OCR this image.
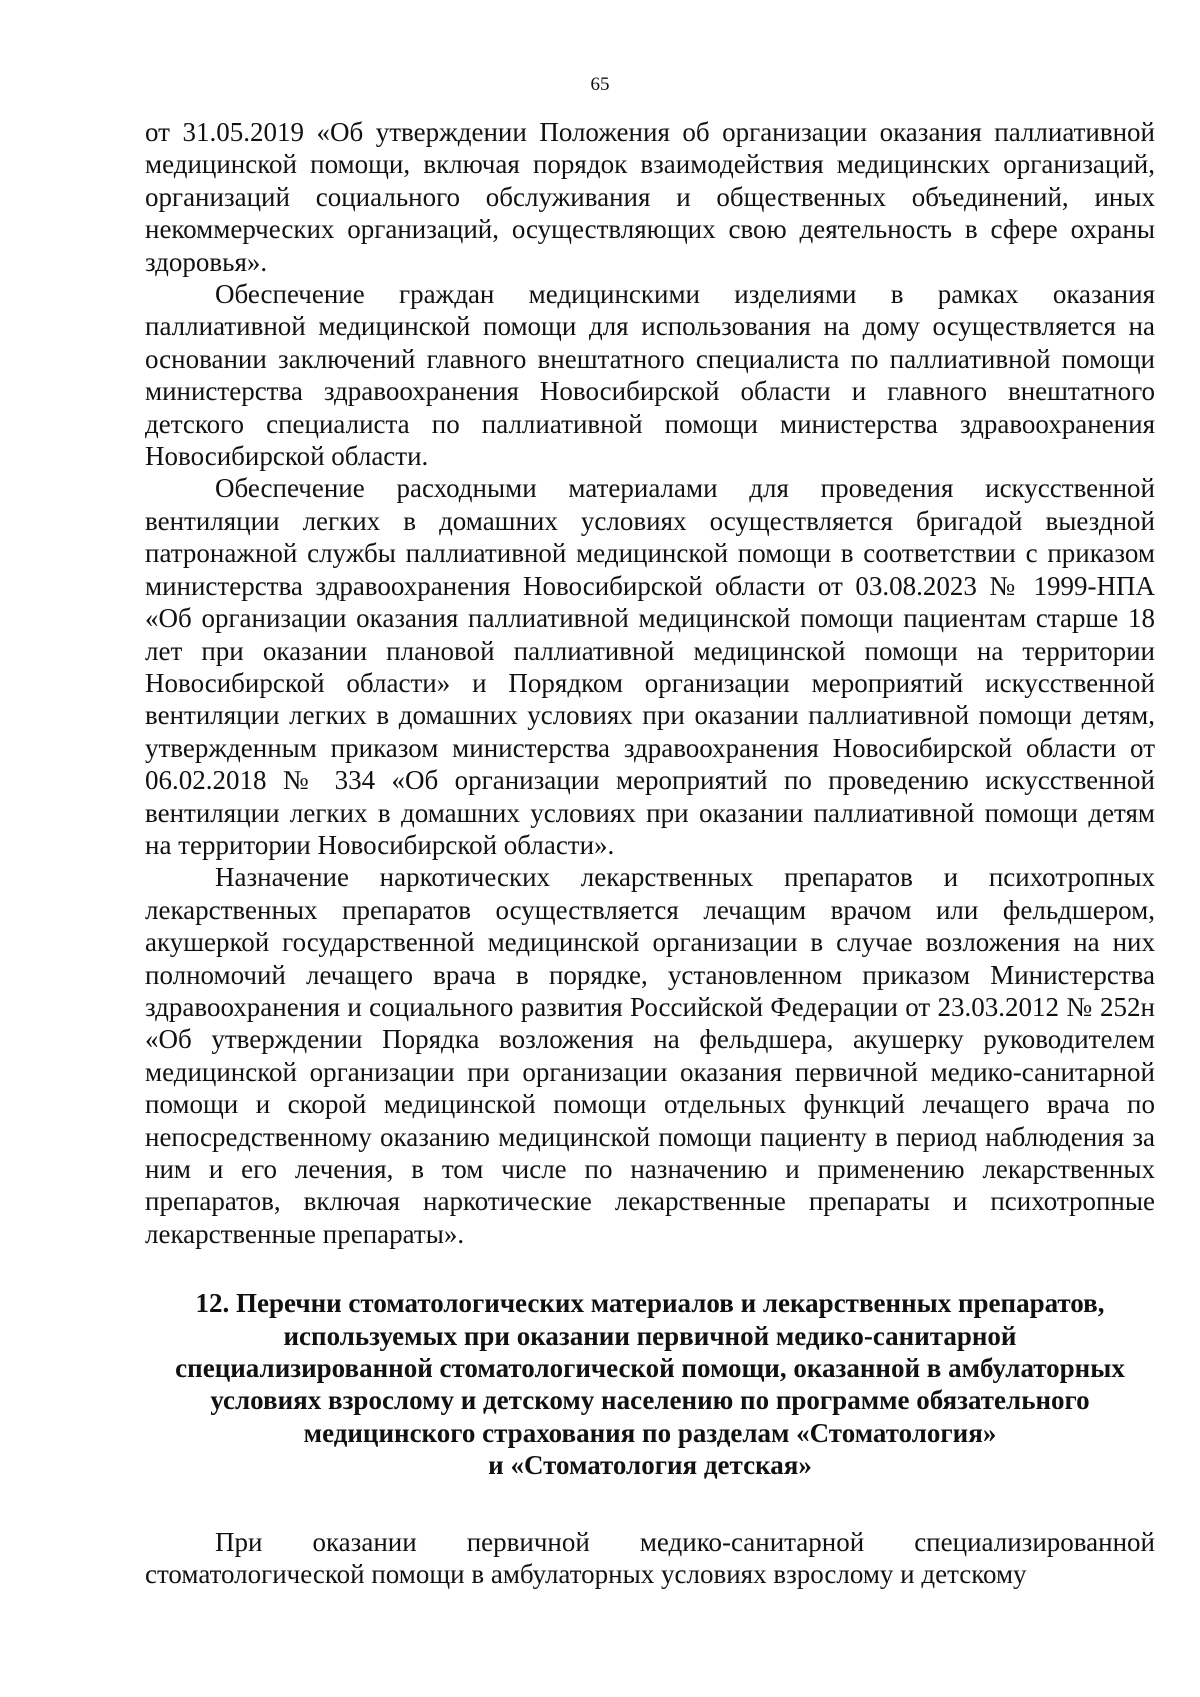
65

от 31.05.2019 «Об утверждении Положения об организации оказания паллиативной медицинской помощи, включая порядок взаимодействия медицинских организаций, организаций социального обслуживания и общественных объединений, иных некоммерческих организаций, осуществляющих свою деятельность в сфере охраны здоровья».

Обеспечение граждан медицинскими изделиями в рамках оказания паллиативной медицинской помощи для использования на дому осуществляется на основании заключений главного внештатного специалиста по паллиативной помощи министерства здравоохранения Новосибирской области и главного внештатного детского специалиста по паллиативной помощи министерства здравоохранения Новосибирской области.

Обеспечение расходными материалами для проведения искусственной вентиляции легких в домашних условиях осуществляется бригадой выездной патронажной службы паллиативной медицинской помощи в соответствии с приказом министерства здравоохранения Новосибирской области от 03.08.2023 № 1999-НПА «Об организации оказания паллиативной медицинской помощи пациентам старше 18 лет при оказании плановой паллиативной медицинской помощи на территории Новосибирской области» и Порядком организации мероприятий искусственной вентиляции легких в домашних условиях при оказании паллиативной помощи детям, утвержденным приказом министерства здравоохранения Новосибирской области от 06.02.2018 № 334 «Об организации мероприятий по проведению искусственной вентиляции легких в домашних условиях при оказании паллиативной помощи детям на территории Новосибирской области».

Назначение наркотических лекарственных препаратов и психотропных лекарственных препаратов осуществляется лечащим врачом или фельдшером, акушеркой государственной медицинской организации в случае возложения на них полномочий лечащего врача в порядке, установленном приказом Министерства здравоохранения и социального развития Российской Федерации от 23.03.2012 № 252н «Об утверждении Порядка возложения на фельдшера, акушерку руководителем медицинской организации при организации оказания первичной медико-санитарной помощи и скорой медицинской помощи отдельных функций лечащего врача по непосредственному оказанию медицинской помощи пациенту в период наблюдения за ним и его лечения, в том числе по назначению и применению лекарственных препаратов, включая наркотические лекарственные препараты и психотропные лекарственные препараты».

12. Перечни стоматологических материалов и лекарственных препаратов,
используемых при оказании первичной медико-санитарной
специализированной стоматологической помощи, оказанной в амбулаторных
условиях взрослому и детскому населению по программе обязательного
медицинского страхования по разделам «Стоматология»
и «Стоматология детская»

При оказании первичной медико-санитарной специализированной стоматологической помощи в амбулаторных условиях взрослому и детскому
